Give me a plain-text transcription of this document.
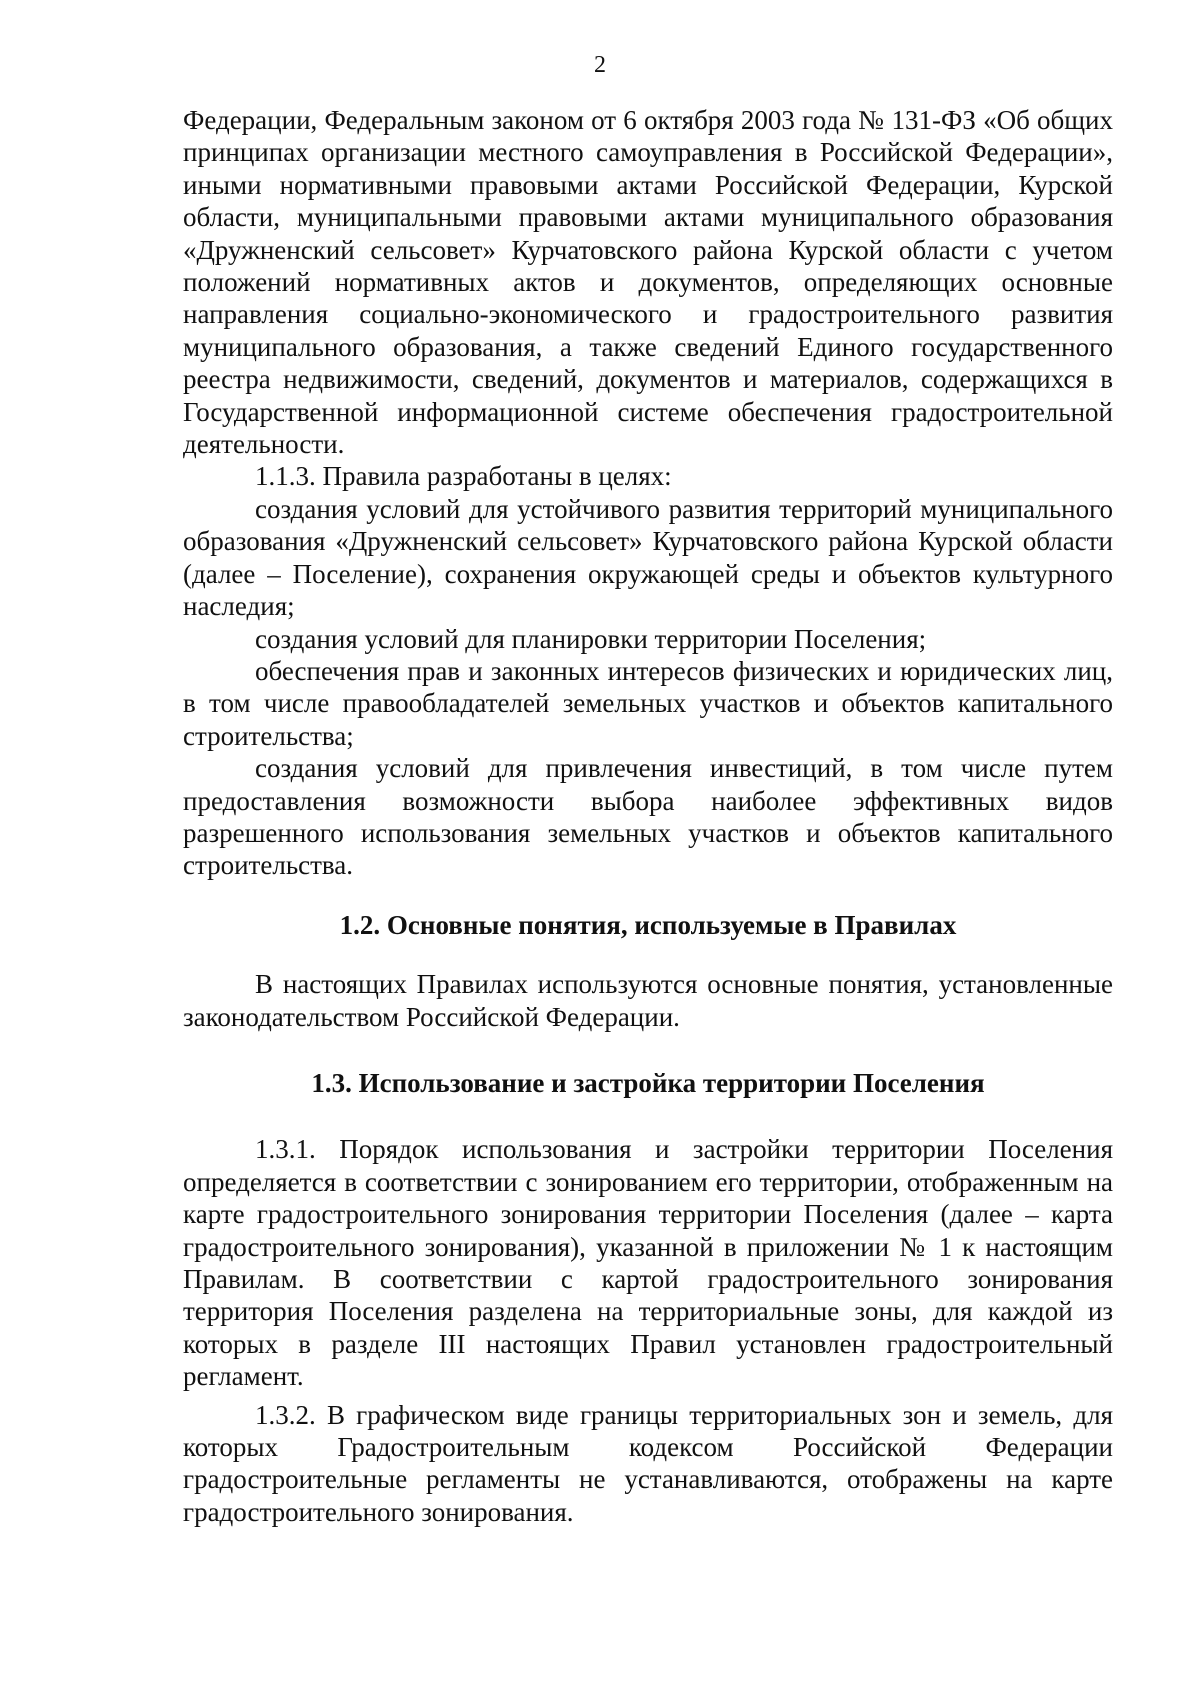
2

Федерации, Федеральным законом от 6 октября 2003 года № 131-ФЗ «Об общих принципах организации местного самоуправления в Российской Федерации», иными нормативными правовыми актами Российской Федерации, Курской области, муниципальными правовыми актами муниципального образования «Дружненский сельсовет» Курчатовского района Курской области с учетом положений нормативных актов и документов, определяющих основные направления социально-экономического и градостроительного развития муниципального образования, а также сведений Единого государственного реестра недвижимости, сведений, документов и материалов, содержащихся в Государственной информационной системе обеспечения градостроительной деятельности.

1.1.3. Правила разработаны в целях:

создания условий для устойчивого развития территорий муниципального образования «Дружненский сельсовет» Курчатовского района Курской области (далее – Поселение), сохранения окружающей среды и объектов культурного наследия;

создания условий для планировки территории Поселения;

обеспечения прав и законных интересов физических и юридических лиц, в том числе правообладателей земельных участков и объектов капитального строительства;

создания условий для привлечения инвестиций, в том числе путем предоставления возможности выбора наиболее эффективных видов разрешенного использования земельных участков и объектов капитального строительства.

1.2. Основные понятия, используемые в Правилах

В настоящих Правилах используются основные понятия, установленные законодательством Российской Федерации.

1.3. Использование и застройка территории Поселения

1.3.1. Порядок использования и застройки территории Поселения определяется в соответствии с зонированием его территории, отображенным на карте градостроительного зонирования территории Поселения (далее – карта градостроительного зонирования), указанной в приложении № 1 к настоящим Правилам. В соответствии с картой градостроительного зонирования территория Поселения разделена на территориальные зоны, для каждой из которых в разделе III настоящих Правил установлен градостроительный регламент.

1.3.2. В графическом виде границы территориальных зон и земель, для которых Градостроительным кодексом Российской Федерации градостроительные регламенты не устанавливаются, отображены на карте градостроительного зонирования.
